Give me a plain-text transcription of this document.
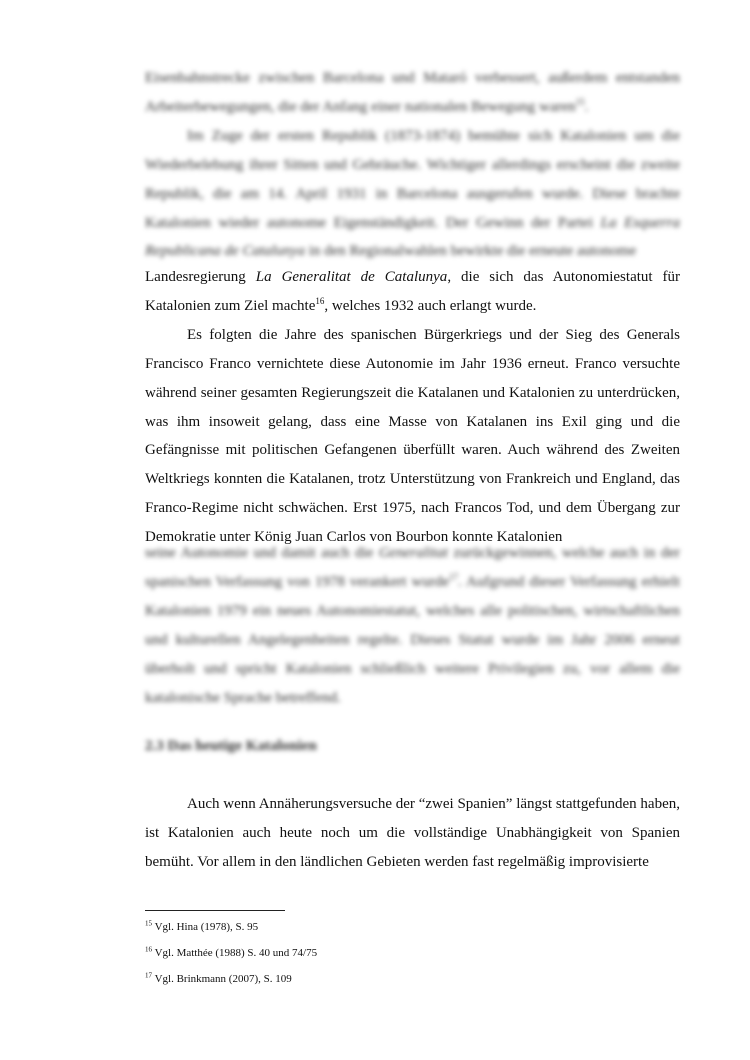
Eisenbahnstrecke zwischen Barcelona und Mataró verbessert, außerdem entstanden Arbeiterbewegungen, die der Anfang einer nationalen Bewegung waren$^{15}$.

Im Zuge der ersten Republik (1873-1874) bemühte sich Katalonien um die Wiederbelebung ihrer Sitten und Gebräuche. Wichtiger allerdings erscheint die zweite Republik, die am 14. April 1931 in Barcelona ausgerufen wurde. Diese brachte Katalonien wieder autonome Eigenständigkeit. Der Gewinn der Partei La Esquerra Republicana de Catalunya in den Regionalwahlen bewirkte die erneute autonome

Landesregierung La Generalitat de Catalunya, die sich das Autonomiestatut für Katalonien zum Ziel machte$^{16}$, welches 1932 auch erlangt wurde.

Es folgten die Jahre des spanischen Bürgerkriegs und der Sieg des Generals Francisco Franco vernichtete diese Autonomie im Jahr 1936 erneut. Franco versuchte während seiner gesamten Regierungszeit die Katalanen und Katalonien zu unterdrücken, was ihm insoweit gelang, dass eine Masse von Katalanen ins Exil ging und die Gefängnisse mit politischen Gefangenen überfüllt waren. Auch während des Zweiten Weltkriegs konnten die Katalanen, trotz Unterstützung von Frankreich und England, das Franco-Regime nicht schwächen. Erst 1975, nach Francos Tod, und dem Übergang zur Demokratie unter König Juan Carlos von Bourbon konnte Katalonien

seine Autonomie und damit auch die Generalitat zurückgewinnen, welche auch in der spanischen Verfassung von 1978 verankert wurde$^{17}$. Aufgrund dieser Verfassung erhielt Katalonien 1979 ein neues Autonomiestatut, welches alle politischen, wirtschaftlichen und kulturellen Angelegenheiten regelte. Dieses Statut wurde im Jahr 2006 erneut überholt und spricht Katalonien schließlich weitere Privilegien zu, vor allem die katalonische Sprache betreffend.

2.3 Das heutige Katalonien

Auch wenn Annäherungsversuche der “zwei Spanien” längst stattgefunden haben, ist Katalonien auch heute noch um die vollständige Unabhängigkeit von Spanien bemüht. Vor allem in den ländlichen Gebieten werden fast regelmäßig improvisierte

$^{15}$ Vgl. Hina (1978), S. 95

$^{16}$ Vgl. Matthée (1988) S. 40 und 74/75

$^{17}$ Vgl. Brinkmann (2007), S. 109
